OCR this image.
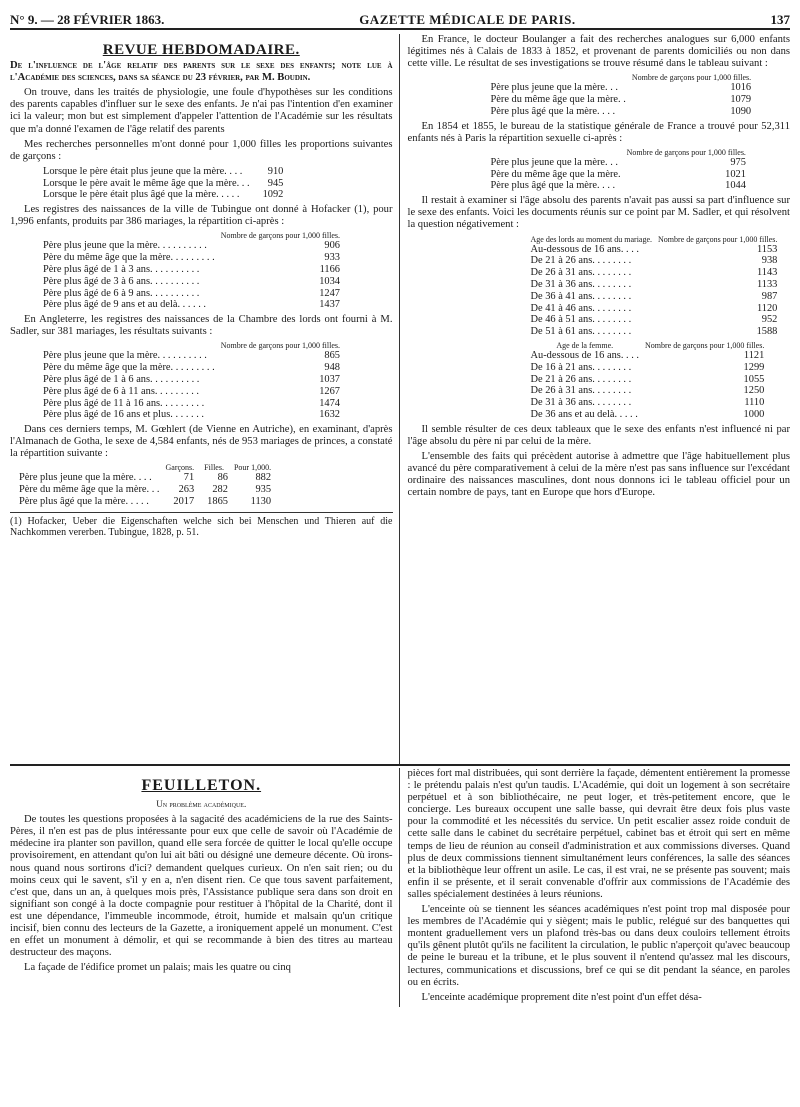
N° 9. — 28 FÉVRIER 1863.	GAZETTE MÉDICALE DE PARIS.	137
REVUE HEBDOMADAIRE.

De l'influence de l'âge relatif des parents sur le sexe des enfants; note lue à l'Académie des sciences, dans sa séance du 23 février, par M. Boudin.

On trouve, dans les traités de physiologie, une foule d'hypothèses sur les conditions des parents capables d'influer sur le sexe des enfants. Je n'ai pas l'intention d'en examiner ici la valeur; mon but est simplement d'appeler l'attention de l'Académie sur les résultats que m'a donné l'examen de l'âge relatif des parents

Mes recherches personnelles m'ont donné pour 1,000 filles les proportions suivantes de garçons :

Lorsque le père était plus jeune que la mère. . . .	910
Lorsque le père avait le même âge que la mère. . .	945
Lorsque le père était plus âgé que la mère. . . . .	1092

Les registres des naissances de la ville de Tubingue ont donné à Hofacker (1), pour 1,996 enfants, produits par 386 mariages, la répartition ci-après :

	Nombre de garçons pour 1,000 filles.
Père plus jeune que la mère. . . . . . . . . .	906
Père du même âge que la mère. . . . . . . . .	933
Père plus âgé de 1 à 3 ans. . . . . . . . . .	1166
Père plus âgé de 3 à 6 ans. . . . . . . . . .	1034
Père plus âgé de 6 à 9 ans. . . . . . . . . .	1247
Père plus âgé de 9 ans et au delà. . . . . .	1437

En Angleterre, les registres des naissances de la Chambre des lords ont fourni à M. Sadler, sur 381 mariages, les résultats suivants :

	Nombre de garçons pour 1,000 filles.
Père plus jeune que la mère. . . . . . . . . .	865
Père du même âge que la mère. . . . . . . . .	948
Père plus âgé de 1 à 6 ans. . . . . . . . . .	1037
Père plus âgé de 6 à 11 ans. . . . . . . . .	1267
Père plus âgé de 11 à 16 ans. . . . . . . . .	1474
Père plus âgé de 16 ans et plus. . . . . . .	1632

Dans ces derniers temps, M. Gœhlert (de Vienne en Autriche), en examinant, d'après l'Almanach de Gotha, le sexe de 4,584 enfants, nés de 953 mariages de princes, a constaté la répartition suivante :

	Garçons.	Filles.	Pour 1,000.
Père plus jeune que la mère. . . .	71	86	882
Père du même âge que la mère. . .	263	282	935
Père plus âgé que la mère. . . . .	2017	1865	1130
(1) Hofacker, Ueber die Eigenschaften welche sich bei Menschen und Thieren auf die Nachkommen vererben. Tubingue, 1828, p. 51.

En France, le docteur Boulanger a fait des recherches analogues sur 6,000 enfants légitimes nés à Calais de 1833 à 1852, et provenant de parents domiciliés ou non dans cette ville. Le résultat de ses investigations se trouve résumé dans le tableau suivant :

	Nombre de garçons pour 1,000 filles.
Père plus jeune que la mère. . .	1016
Père du même âge que la mère. .	1079
Père plus âgé que la mère. . . .	1090

En 1854 et 1855, le bureau de la statistique générale de France a trouvé pour 52,311 enfants nés à Paris la répartition sexuelle ci-après :

	Nombre de garçons pour 1,000 filles.
Père plus jeune que la mère. . .	975
Père du même âge que la mère.	1021
Père plus âgé que la mère. . . .	1044

Il restait à examiner si l'âge absolu des parents n'avait pas aussi sa part d'influence sur le sexe des enfants. Voici les documents réunis sur ce point par M. Sadler, et qui résolvent la question négativement :

Age des lords au moment du mariage.	Nombre de garçons pour 1,000 filles.
Au-dessous de 16 ans. . . .	1153
De 21 à 26 ans. . . . . . . .	938
De 26 à 31 ans. . . . . . . .	1143
De 31 à 36 ans. . . . . . . .	1133
De 36 à 41 ans. . . . . . . .	987
De 41 à 46 ans. . . . . . . .	1120
De 46 à 51 ans. . . . . . . .	952
De 51 à 61 ans. . . . . . . .	1588
Age de la femme.	Nombre de garçons pour 1,000 filles.
Au-dessous de 16 ans. . . .	1121
De 16 à 21 ans. . . . . . . .	1299
De 21 à 26 ans. . . . . . . .	1055
De 26 à 31 ans. . . . . . . .	1250
De 31 à 36 ans. . . . . . . .	1110
De 36 ans et au delà. . . . .	1000

Il semble résulter de ces deux tableaux que le sexe des enfants n'est influencé ni par l'âge absolu du père ni par celui de la mère.

L'ensemble des faits qui précèdent autorise à admettre que l'âge habituellement plus avancé du père comparativement à celui de la mère n'est pas sans influence sur l'excédant ordinaire des naissances masculines, dont nous donnons ici le tableau officiel pour un certain nombre de pays, tant en Europe que hors d'Europe.

FEUILLETON.
Un problème académique.

De toutes les questions proposées à la sagacité des académiciens de la rue des Saints-Pères, il n'en est pas de plus intéressante pour eux que celle de savoir où l'Académie de médecine ira planter son pavillon, quand elle sera forcée de quitter le local qu'elle occupe provisoirement, en attendant qu'on lui ait bâti ou désigné une demeure décente. Où irons-nous quand nous sortirons d'ici? demandent quelques curieux. On n'en sait rien; ou du moins ceux qui le savent, s'il y en a, n'en disent rien. Ce que tous savent parfaitement, c'est que, dans un an, à quelques mois près, l'Assistance publique sera dans son droit en signifiant son congé à la docte compagnie pour restituer à l'hôpital de la Charité, dont il est une dépendance, l'immeuble incommode, étroit, humide et malsain qu'un critique incisif, bien connu des lecteurs de la Gazette, a ironiquement appelé un monument. C'est en effet un monument à démolir, et qui se recommande à bien des titres au marteau destructeur des maçons.

La façade de l'édifice promet un palais; mais les quatre ou cinq

pièces fort mal distribuées, qui sont derrière la façade, démentent entièrement la promesse : le prétendu palais n'est qu'un taudis. L'Académie, qui doit un logement à son secrétaire perpétuel et à son bibliothécaire, ne peut loger, et très-petitement encore, que le concierge. Les bureaux occupent une salle basse, qui devrait être deux fois plus vaste pour la commodité et les nécessités du service. Un petit escalier assez roide conduit de cette salle dans le cabinet du secrétaire perpétuel, cabinet bas et étroit qui sert en même temps de lieu de réunion au conseil d'administration et aux commissions diverses. Quand plus de deux commissions tiennent simultanément leurs conférences, la salle des séances et la bibliothèque leur offrent un asile. Le cas, il est vrai, ne se présente pas souvent; mais enfin il se présente, et il serait convenable d'offrir aux commissions de l'Académie des salles spécialement destinées à leurs réunions.

L'enceinte où se tiennent les séances académiques n'est point trop mal disposée pour les membres de l'Académie qui y siègent; mais le public, relégué sur des banquettes qui montent graduellement vers un plafond très-bas ou dans deux couloirs tellement étroits qu'ils gênent plutôt qu'ils ne facilitent la circulation, le public n'aperçoit qu'avec beaucoup de peine le bureau et la tribune, et le plus souvent il n'entend qu'assez mal les discours, lectures, communications et discussions, bref ce qui se dit pendant la séance, en paroles ou en écrits.

L'enceinte académique proprement dite n'est point d'un effet désa-
